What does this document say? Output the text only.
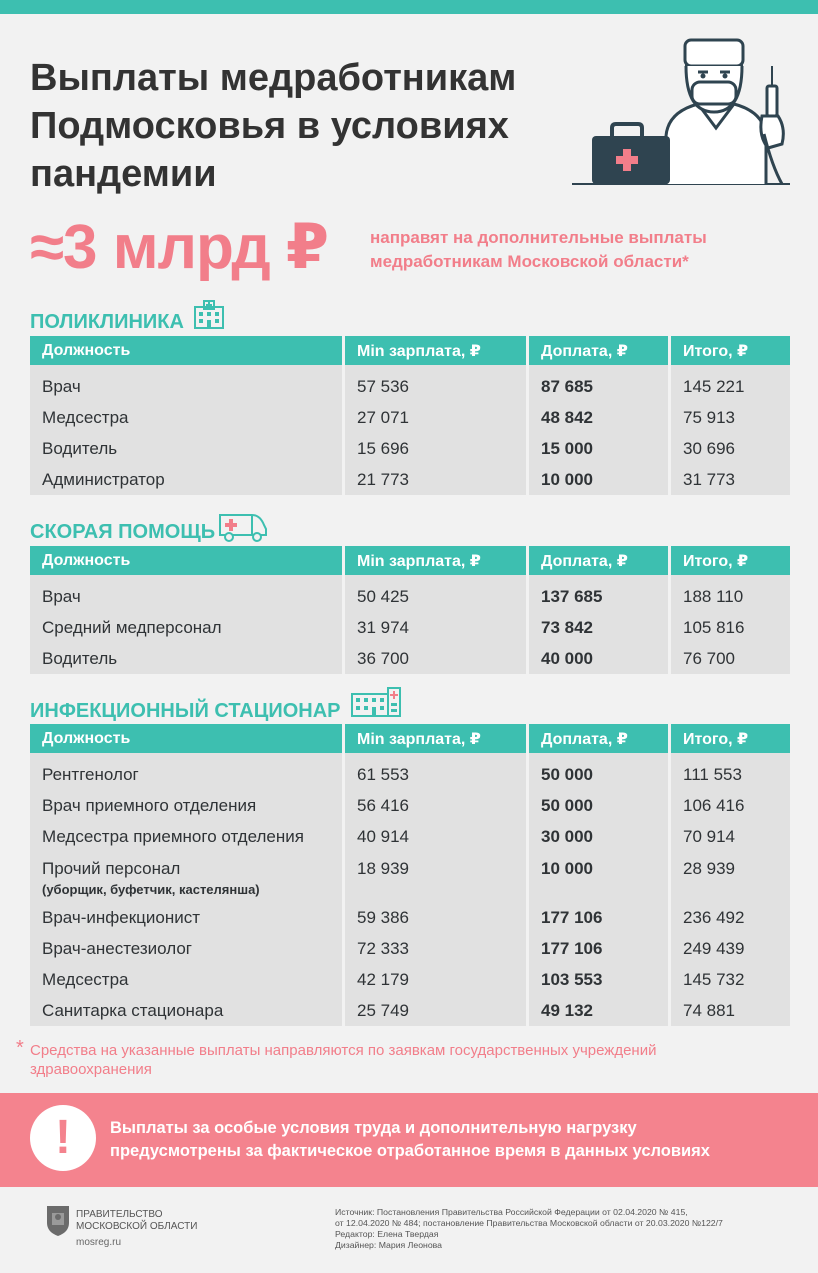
Выплаты медработникам
Подмосковья в условиях
пандемии
≈3 млрд ₽ направят на дополнительные выплаты
медработникам Московской области*
ПОЛИКЛИНИКА
Должность	Min зарплата, ₽	Доплата, ₽	Итого, ₽

Врач	57 536	87 685	145 221
Медсестра	27 071	48 842	75 913
Водитель	15 696	15 000	30 696
Администратор	21 773	10 000	31 773
СКОРАЯ ПОМОЩЬ
Должность	Min зарплата, ₽	Доплата, ₽	Итого, ₽

Врач	50 425	137 685	188 110
Средний медперсонал	31 974	73 842	105 816
Водитель	36 700	40 000	76 700
ИНФЕКЦИОННЫЙ СТАЦИОНАР
Должность	Min зарплата, ₽	Доплата, ₽	Итого, ₽

Рентгенолог	61 553	50 000	111 553
Врач приемного отделения	56 416	50 000	106 416
Медсестра приемного отделения	40 914	30 000	70 914
Прочий персонал
(уборщик, буфетчик, кастелянша)	18 939	10 000	28 939
Врач-инфекционист	59 386	177 106	236 492
Врач-анестезиолог	72 333	177 106	249 439
Медсестра	42 179	103 553	145 732
Санитарка стационара	25 749	49 132	74 881
* Средства на указанные выплаты направляются по заявкам государственных учреждений здравоохранения
!	Выплаты за особые условия труда и дополнительную нагрузку
предусмотрены за фактическое отработанное время в данных условиях
ПРАВИТЕЛЬСТВО
МОСКОВСКОЙ ОБЛАСТИ
mosreg.ru
Источник: Постановления Правительства Российской Федерации от 02.04.2020 № 415,
от 12.04.2020 № 484; постановление Правительства Московской области от 20.03.2020 №122/7
Редактор: Елена Твердая
Дизайнер: Мария Леонова
